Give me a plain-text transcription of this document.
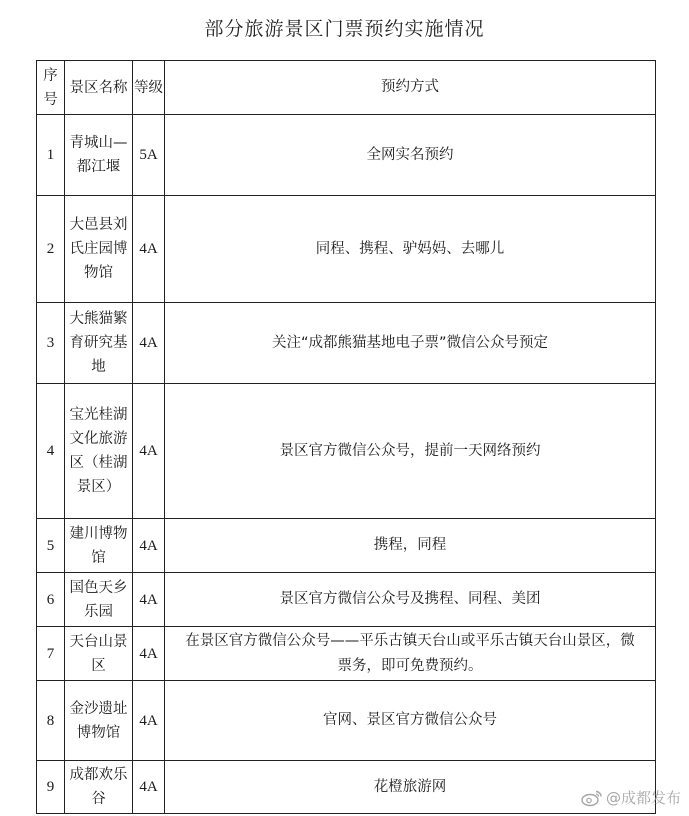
部分旅游景区门票预约实施情况
序号	景区名称	等级	预约方式

1	青城山—都江堰	5A	全网实名预约

2	大邑县刘氏庄园博物馆	4A	同程、携程、驴妈妈、去哪儿

3	大熊猫繁育研究基地	4A	关注“成都熊猫基地电子票”微信公众号预定

4	宝光桂湖文化旅游区（桂湖景区）	4A	景区官方微信公众号，提前一天网络预约

5	建川博物馆	4A	携程，同程

6	国色天乡乐园	4A	景区官方微信公众号及携程、同程、美团

7	天台山景区	4A	在景区官方微信公众号——平乐古镇天台山或平乐古镇天台山景区，微票务，即可免费预约。

8	金沙遗址博物馆	4A	官网、景区官方微信公众号

9	成都欢乐谷	4A	花橙旅游网
@成都发布
